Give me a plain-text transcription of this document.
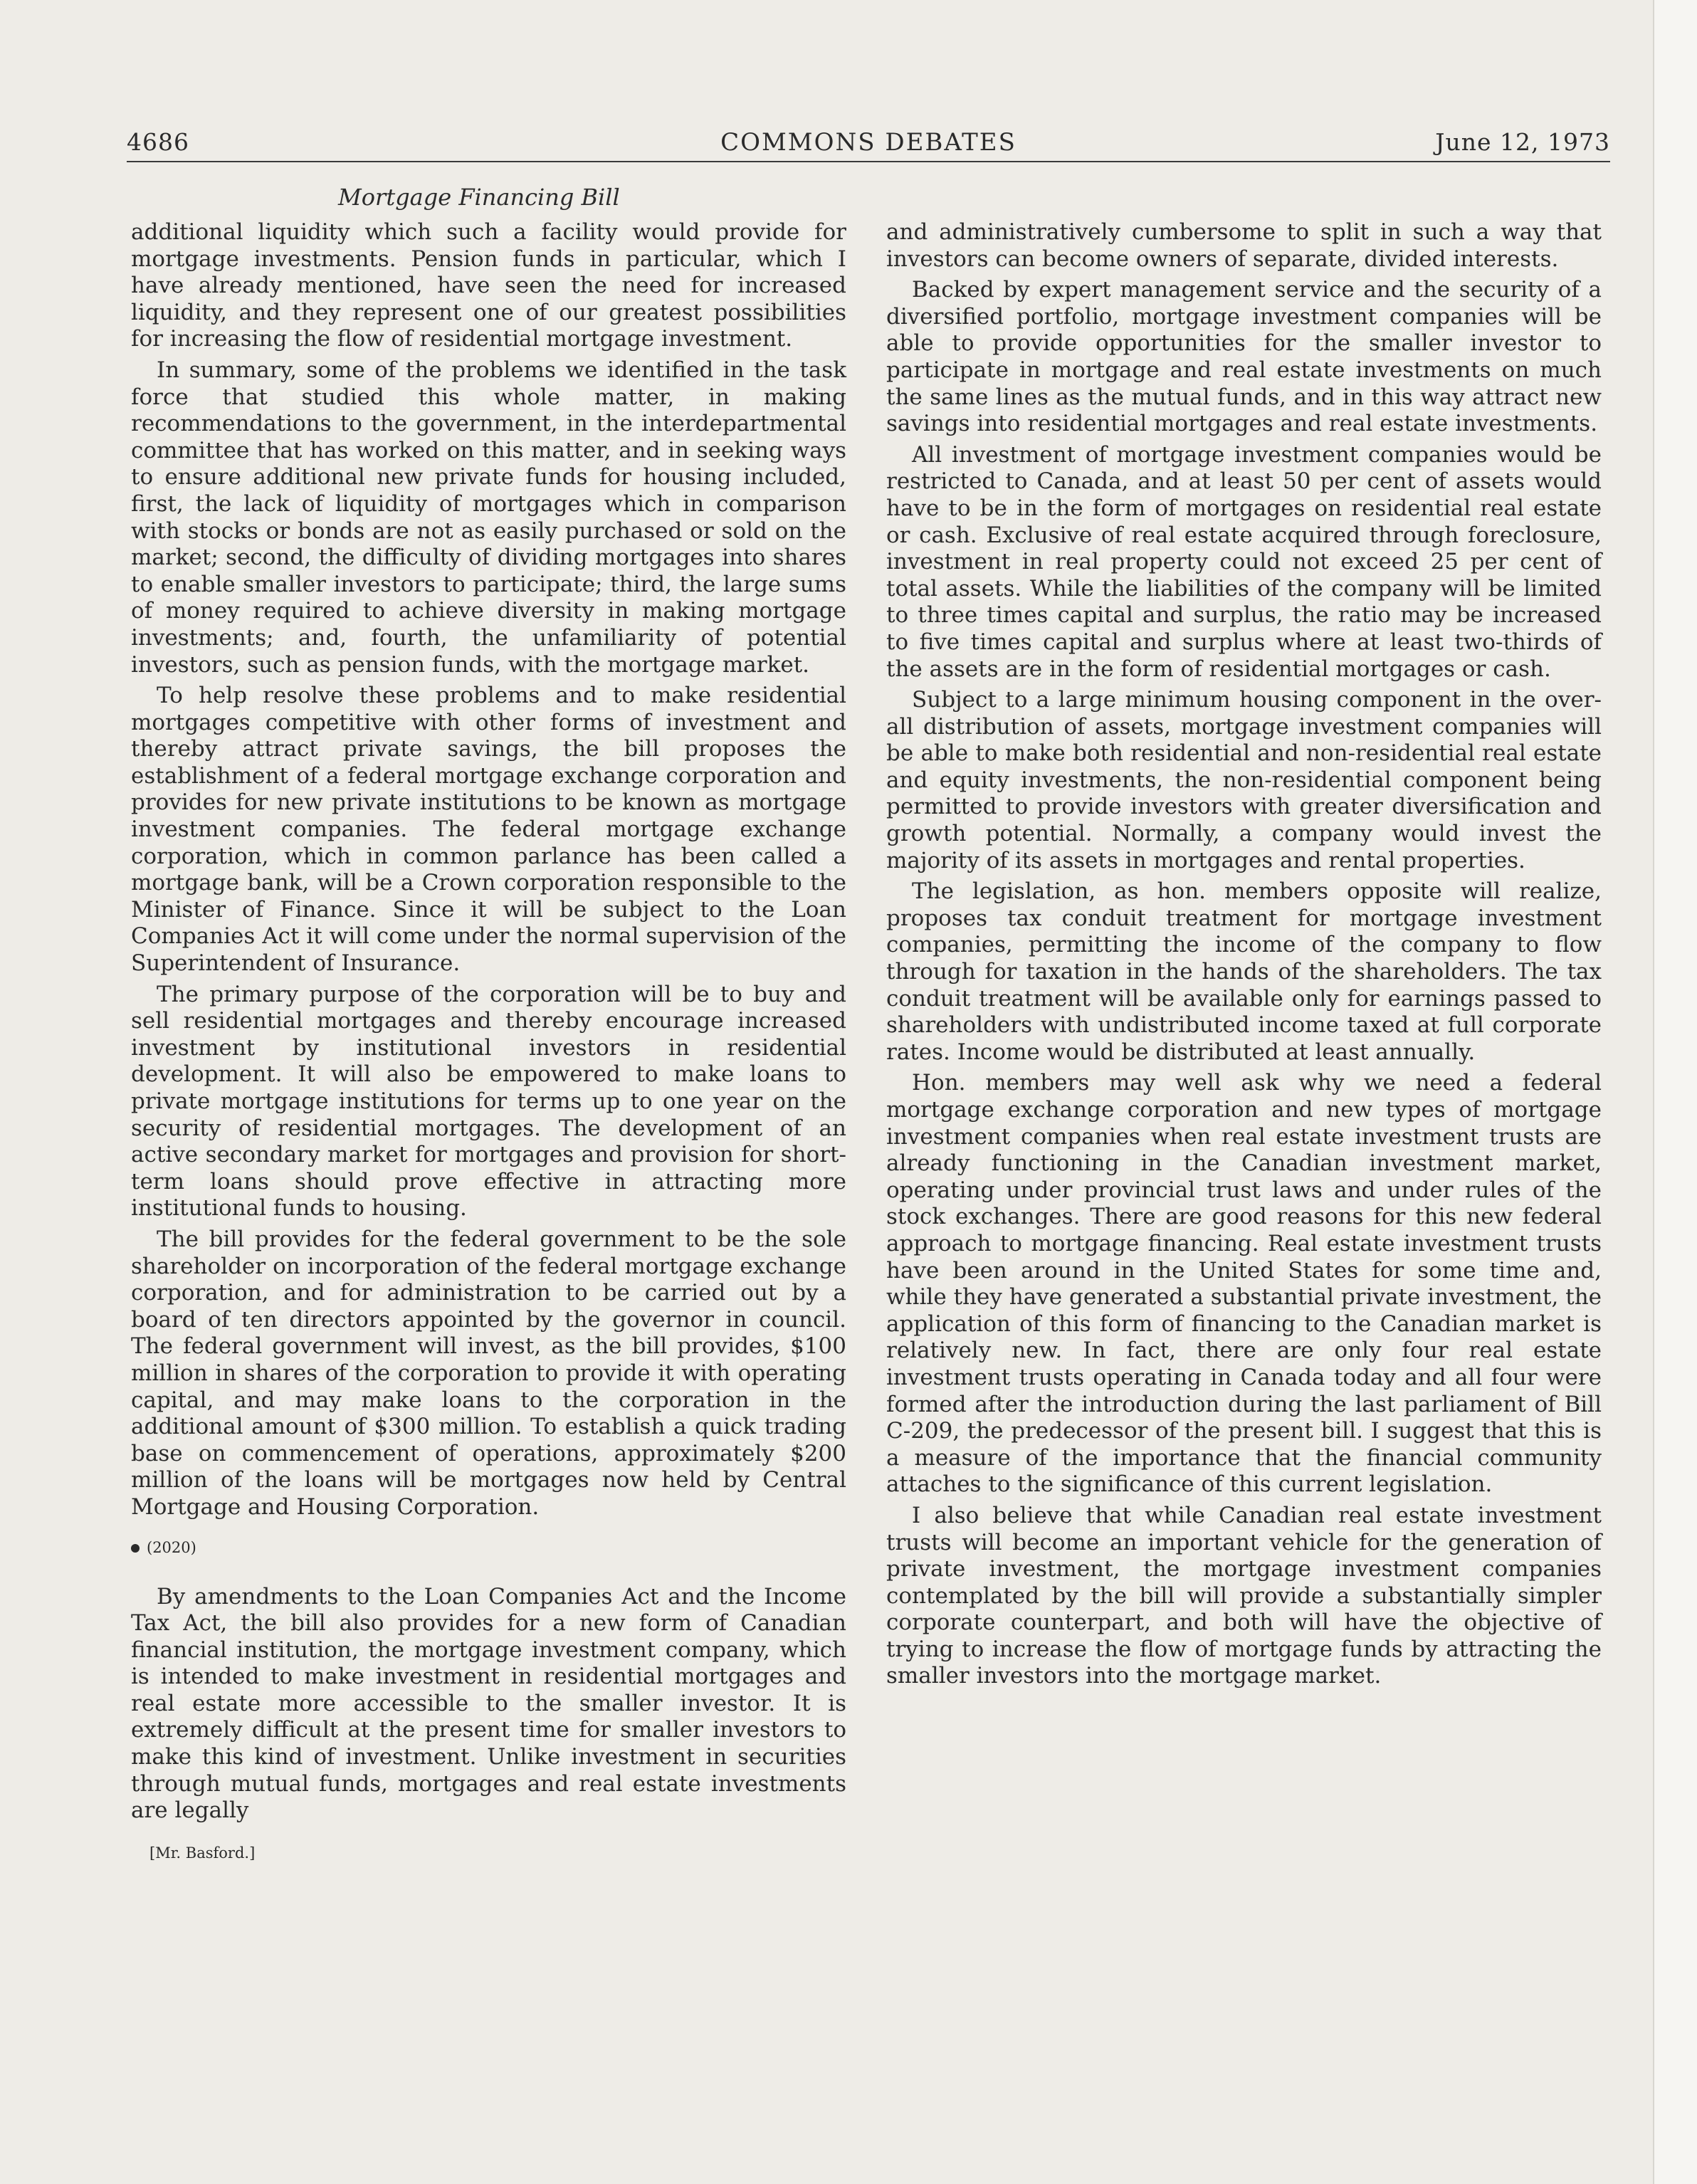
4686	COMMONS DEBATES	June 12, 1973
Mortgage Financing Bill

additional liquidity which such a facility would provide for mortgage investments. Pension funds in particular, which I have already mentioned, have seen the need for increased liquidity, and they represent one of our greatest possibilities for increasing the flow of residential mortgage investment.

In summary, some of the problems we identified in the task force that studied this whole matter, in making recommendations to the government, in the interdepartmental committee that has worked on this matter, and in seeking ways to ensure additional new private funds for housing included, first, the lack of liquidity of mortgages which in comparison with stocks or bonds are not as easily purchased or sold on the market; second, the difficulty of dividing mortgages into shares to enable smaller investors to participate; third, the large sums of money required to achieve diversity in making mortgage investments; and, fourth, the unfamiliarity of potential investors, such as pension funds, with the mortgage market.

To help resolve these problems and to make residential mortgages competitive with other forms of investment and thereby attract private savings, the bill proposes the establishment of a federal mortgage exchange corporation and provides for new private institutions to be known as mortgage investment companies. The federal mortgage exchange corporation, which in common parlance has been called a mortgage bank, will be a Crown corporation responsible to the Minister of Finance. Since it will be subject to the Loan Companies Act it will come under the normal supervision of the Superintendent of Insurance.

The primary purpose of the corporation will be to buy and sell residential mortgages and thereby encourage increased investment by institutional investors in residential development. It will also be empowered to make loans to private mortgage institutions for terms up to one year on the security of residential mortgages. The development of an active secondary market for mortgages and provision for short-term loans should prove effective in attracting more institutional funds to housing.

The bill provides for the federal government to be the sole shareholder on incorporation of the federal mortgage exchange corporation, and for administration to be carried out by a board of ten directors appointed by the governor in council. The federal government will invest, as the bill provides, $100 million in shares of the corporation to provide it with operating capital, and may make loans to the corporation in the additional amount of $300 million. To establish a quick trading base on commencement of operations, approximately $200 million of the loans will be mortgages now held by Central Mortgage and Housing Corporation.

(2020)

By amendments to the Loan Companies Act and the Income Tax Act, the bill also provides for a new form of Canadian financial institution, the mortgage investment company, which is intended to make investment in residential mortgages and real estate more accessible to the smaller investor. It is extremely difficult at the present time for smaller investors to make this kind of investment. Unlike investment in securities through mutual funds, mortgages and real estate investments are legally

[Mr. Basford.]

and administratively cumbersome to split in such a way that investors can become owners of separate, divided interests.

Backed by expert management service and the security of a diversified portfolio, mortgage investment companies will be able to provide opportunities for the smaller investor to participate in mortgage and real estate investments on much the same lines as the mutual funds, and in this way attract new savings into residential mortgages and real estate investments.

All investment of mortgage investment companies would be restricted to Canada, and at least 50 per cent of assets would have to be in the form of mortgages on residential real estate or cash. Exclusive of real estate acquired through foreclosure, investment in real property could not exceed 25 per cent of total assets. While the liabilities of the company will be limited to three times capital and surplus, the ratio may be increased to five times capital and surplus where at least two-thirds of the assets are in the form of residential mortgages or cash.

Subject to a large minimum housing component in the over-all distribution of assets, mortgage investment companies will be able to make both residential and non-residential real estate and equity investments, the non-residential component being permitted to provide investors with greater diversification and growth potential. Normally, a company would invest the majority of its assets in mortgages and rental properties.

The legislation, as hon. members opposite will realize, proposes tax conduit treatment for mortgage investment companies, permitting the income of the company to flow through for taxation in the hands of the shareholders. The tax conduit treatment will be available only for earnings passed to shareholders with undistributed income taxed at full corporate rates. Income would be distributed at least annually.

Hon. members may well ask why we need a federal mortgage exchange corporation and new types of mortgage investment companies when real estate investment trusts are already functioning in the Canadian investment market, operating under provincial trust laws and under rules of the stock exchanges. There are good reasons for this new federal approach to mortgage financing. Real estate investment trusts have been around in the United States for some time and, while they have generated a substantial private investment, the application of this form of financing to the Canadian market is relatively new. In fact, there are only four real estate investment trusts operating in Canada today and all four were formed after the introduction during the last parliament of Bill C-209, the predecessor of the present bill. I suggest that this is a measure of the importance that the financial community attaches to the significance of this current legislation.

I also believe that while Canadian real estate investment trusts will become an important vehicle for the generation of private investment, the mortgage investment companies contemplated by the bill will provide a substantially simpler corporate counterpart, and both will have the objective of trying to increase the flow of mortgage funds by attracting the smaller investors into the mortgage market.
